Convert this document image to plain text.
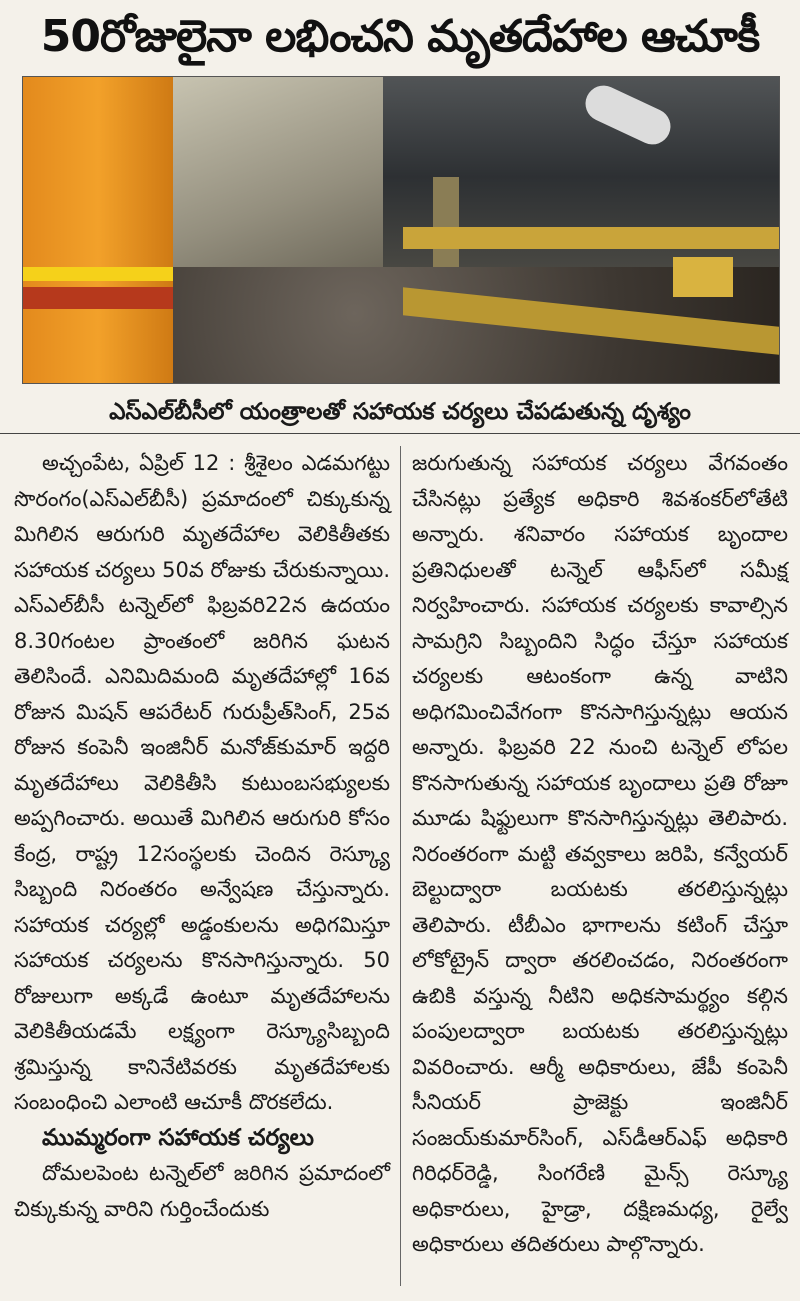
50రోజులైనా లభించని మృతదేహాల ఆచూకీ

ఎస్ఎల్‌బీసీలో యంత్రాలతో సహాయక చర్యలు చేపడుతున్న దృశ్యం

అచ్చంపేట, ఏప్రిల్ 12 : శ్రీశైలం ఎడమగట్టు సొరంగం(ఎస్ఎల్‌బీసీ) ప్రమాదంలో చిక్కుకున్న మిగిలిన ఆరుగురి మృతదేహాల వెలికితీతకు సహాయక చర్యలు 50వ రోజుకు చేరుకున్నాయి. ఎస్ఎల్‌బీసీ టన్నెల్‌లో ఫిబ్రవరి22న ఉదయం 8.30గంటల ప్రాంతంలో జరిగిన ఘటన తెలిసిందే. ఎనిమిదిమంది మృతదేహాల్లో 16వ రోజున మిషన్ ఆపరేటర్ గురుప్రీత్‌సింగ్, 25వ రోజున కంపెనీ ఇంజినీర్ మనోజ్‌కుమార్ ఇద్దరి మృతదేహాలు వెలికితీసి కుటుంబసభ్యులకు అప్పగించారు. అయితే మిగిలిన ఆరుగురి కోసం కేంద్ర, రాష్ట్ర 12సంస్థలకు చెందిన రెస్క్యూ సిబ్బంది నిరంతరం అన్వేషణ చేస్తున్నారు. సహాయక చర్యల్లో అడ్డంకులను అధిగమిస్తూ సహాయక చర్యలను కొనసాగిస్తున్నారు. 50 రోజులుగా అక్కడే ఉంటూ మృతదేహాలను వెలికితీయడమే లక్ష్యంగా రెస్క్యూసిబ్బంది శ్రమిస్తున్న కానినేటివరకు మృతదేహాలకు సంబంధించి ఎలాంటి ఆచూకీ దొరకలేదు.

ముమ్మరంగా సహాయక చర్యలు

దోమలపెంట టన్నెల్‌లో జరిగిన ప్రమాదంలో చిక్కుకున్న వారిని గుర్తించేందుకు

జరుగుతున్న సహాయక చర్యలు వేగవంతం చేసినట్లు ప్రత్యేక అధికారి శివశంకర్‌లోతేటి అన్నారు. శనివారం సహాయక బృందాల ప్రతినిధులతో టన్నెల్ ఆఫీస్‌లో సమీక్ష నిర్వహించారు. సహాయక చర్యలకు కావాల్సిన సామగ్రిని సిబ్బందిని సిద్ధం చేస్తూ సహాయక చర్యలకు ఆటంకంగా ఉన్న వాటిని అధిగమించివేగంగా కొనసాగిస్తున్నట్లు ఆయన అన్నారు. ఫిబ్రవరి 22 నుంచి టన్నెల్ లోపల కొనసాగుతున్న సహాయక బృందాలు ప్రతి రోజూ మూడు షిఫ్టులుగా కొనసాగిస్తున్నట్లు తెలిపారు. నిరంతరంగా మట్టి తవ్వకాలు జరిపి, కన్వేయర్ బెల్టుద్వారా బయటకు తరలిస్తున్నట్లు తెలిపారు. టీబీఎం భాగాలను కటింగ్ చేస్తూ లోకోట్రైన్ ద్వారా తరలించడం, నిరంతరంగా ఉబికి వస్తున్న నీటిని అధికసామర్థ్యం కల్గిన పంపులద్వారా బయటకు తరలిస్తున్నట్లు వివరించారు. ఆర్మీ అధికారులు, జేపీ కంపెనీ సీనియర్ ప్రాజెక్టు ఇంజినీర్ సంజయ్‌కుమార్‌సింగ్, ఎస్‌డీఆర్ఎఫ్ అధికారి గిరిధర్‌రెడ్డి, సింగరేణి మైన్స్ రెస్క్యూ అధికారులు, హైడ్రా, దక్షిణమధ్య, రైల్వే అధికారులు తదితరులు పాల్గొన్నారు.
